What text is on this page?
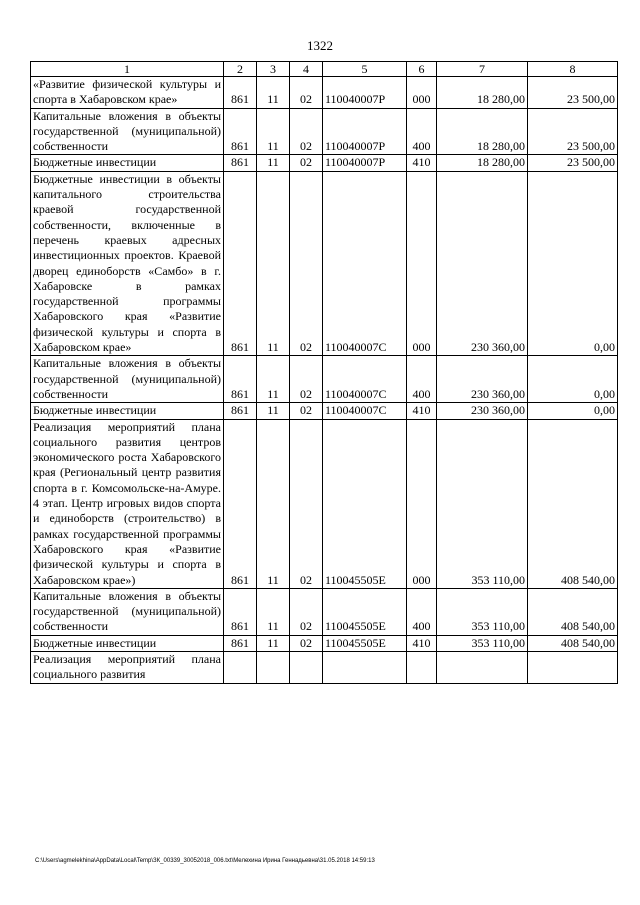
1322
1	2	3	4	5	6	7	8
«Развитие физической культуры и спорта в Хабаровском крае»	861	11	02	110040007P	000	18 280,00	23 500,00
Капитальные вложения в объекты государственной (муниципальной) собственности	861	11	02	110040007P	400	18 280,00	23 500,00
Бюджетные инвестиции	861	11	02	110040007P	410	18 280,00	23 500,00
Бюджетные инвестиции в объекты капитального строительства краевой государственной собственности, включенные в перечень краевых адресных инвестиционных проектов. Краевой дворец единоборств «Самбо» в г. Хабаровске в рамках государственной программы Хабаровского края «Развитие физической культуры и спорта в Хабаровском крае»	861	11	02	110040007C	000	230 360,00	0,00
Капитальные вложения в объекты государственной (муниципальной) собственности	861	11	02	110040007C	400	230 360,00	0,00
Бюджетные инвестиции	861	11	02	110040007C	410	230 360,00	0,00
Реализация мероприятий плана социального развития центров экономического роста Хабаровского края (Региональный центр развития спорта в г. Комсомольске-на-Амуре. 4 этап. Центр игровых видов спорта и единоборств (строительство) в рамках государственной программы Хабаровского края «Развитие физической культуры и спорта в Хабаровском крае»)	861	11	02	110045505E	000	353 110,00	408 540,00
Капитальные вложения в объекты государственной (муниципальной) собственности	861	11	02	110045505E	400	353 110,00	408 540,00
Бюджетные инвестиции	861	11	02	110045505E	410	353 110,00	408 540,00
Реализация мероприятий плана социального развития							
C:\Users\agmelekhina\AppData\Local\Temp\ЗК_00339_30052018_006.txt\Мелехина Ирина Геннадьевна\31.05.2018 14:59:13
